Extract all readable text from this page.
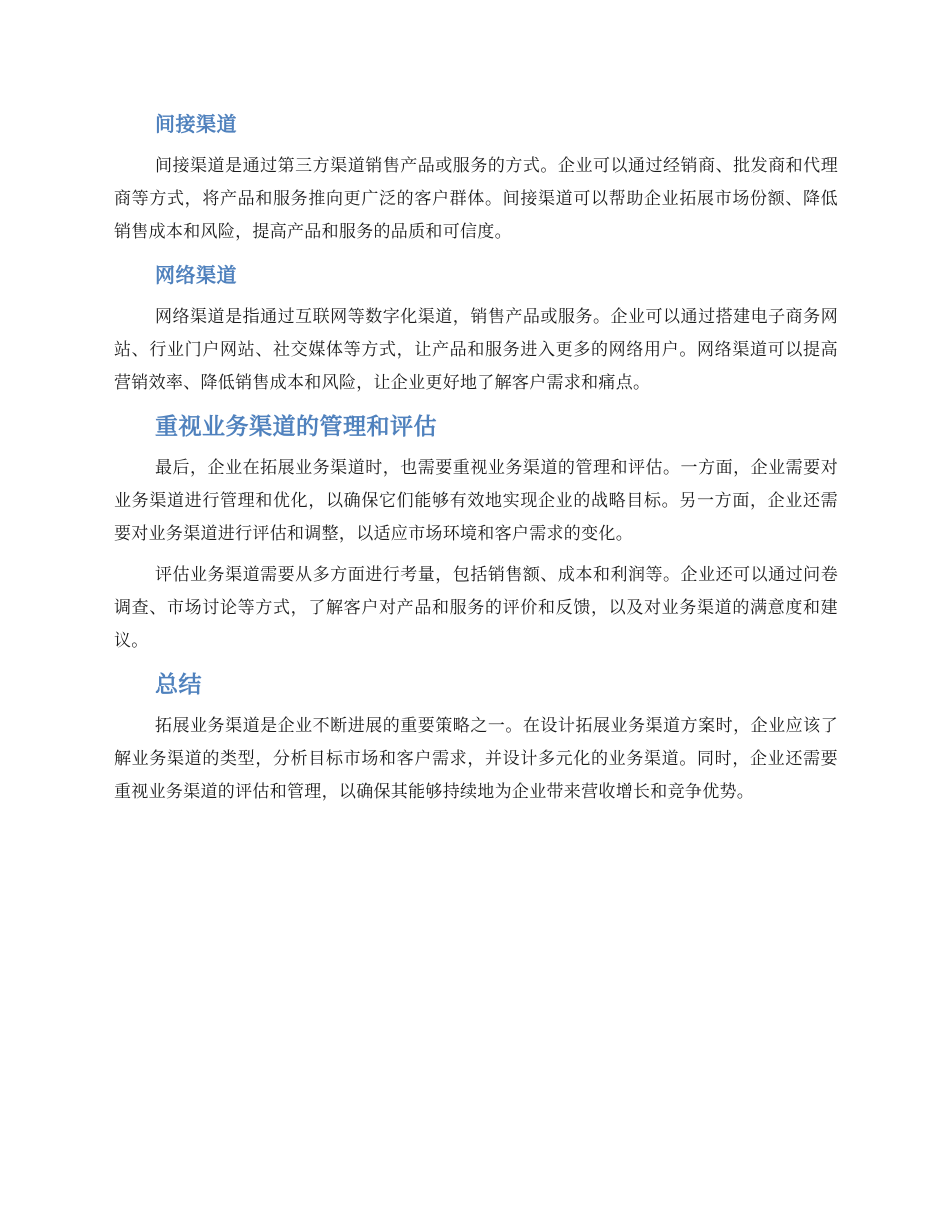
间接渠道

间接渠道是通过第三方渠道销售产品或服务的方式。企业可以通过经销商、批发商和代理商等方式，将产品和服务推向更广泛的客户群体。间接渠道可以帮助企业拓展市场份额、降低销售成本和风险，提高产品和服务的品质和可信度。

网络渠道

网络渠道是指通过互联网等数字化渠道，销售产品或服务。企业可以通过搭建电子商务网站、行业门户网站、社交媒体等方式，让产品和服务进入更多的网络用户。网络渠道可以提高营销效率、降低销售成本和风险，让企业更好地了解客户需求和痛点。

重视业务渠道的管理和评估

最后，企业在拓展业务渠道时，也需要重视业务渠道的管理和评估。一方面，企业需要对业务渠道进行管理和优化，以确保它们能够有效地实现企业的战略目标。另一方面，企业还需要对业务渠道进行评估和调整，以适应市场环境和客户需求的变化。

评估业务渠道需要从多方面进行考量，包括销售额、成本和利润等。企业还可以通过问卷调查、市场讨论等方式，了解客户对产品和服务的评价和反馈，以及对业务渠道的满意度和建议。

总结

拓展业务渠道是企业不断进展的重要策略之一。在设计拓展业务渠道方案时，企业应该了解业务渠道的类型，分析目标市场和客户需求，并设计多元化的业务渠道。同时，企业还需要重视业务渠道的评估和管理，以确保其能够持续地为企业带来营收增长和竞争优势。
